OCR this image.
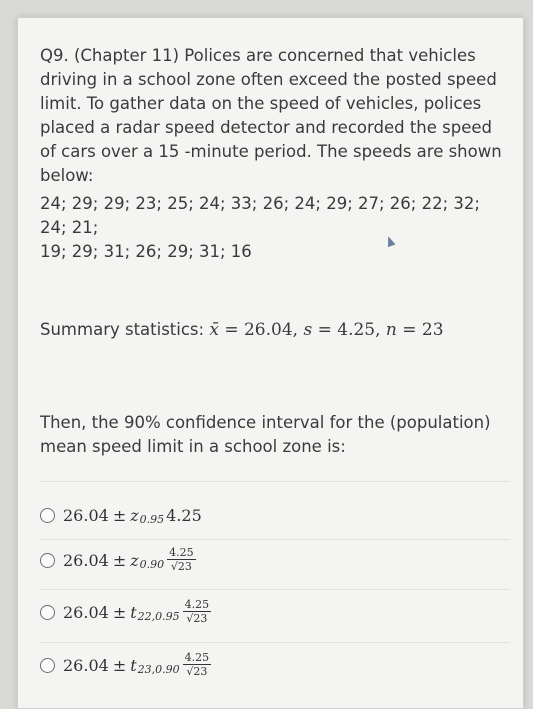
Q9. (Chapter 11) Polices are concerned that vehicles driving in a school zone often exceed the posted speed limit. To gather data on the speed of vehicles, polices placed a radar speed detector and recorded the speed of cars over a 15 -minute period. The speeds are shown below:
24; 29; 29; 23; 25; 24; 33; 26; 24; 29; 27; 26; 22; 32; 24; 21;
19; 29; 31; 26; 29; 31; 16
Summary statistics: x̄ = 26.04, s = 4.25, n = 23
Then, the 90% confidence interval for the (population) mean speed limit in a school zone is:
26.04 ± z 0.95 4.25
26.04 ± z $0.90 \frac{4.25}{√23}$
26.04 ± t $22,0.95 \frac{4.25}{√23}$
26.04 ± t $23,0.90 \frac{4.25}{√23}$
